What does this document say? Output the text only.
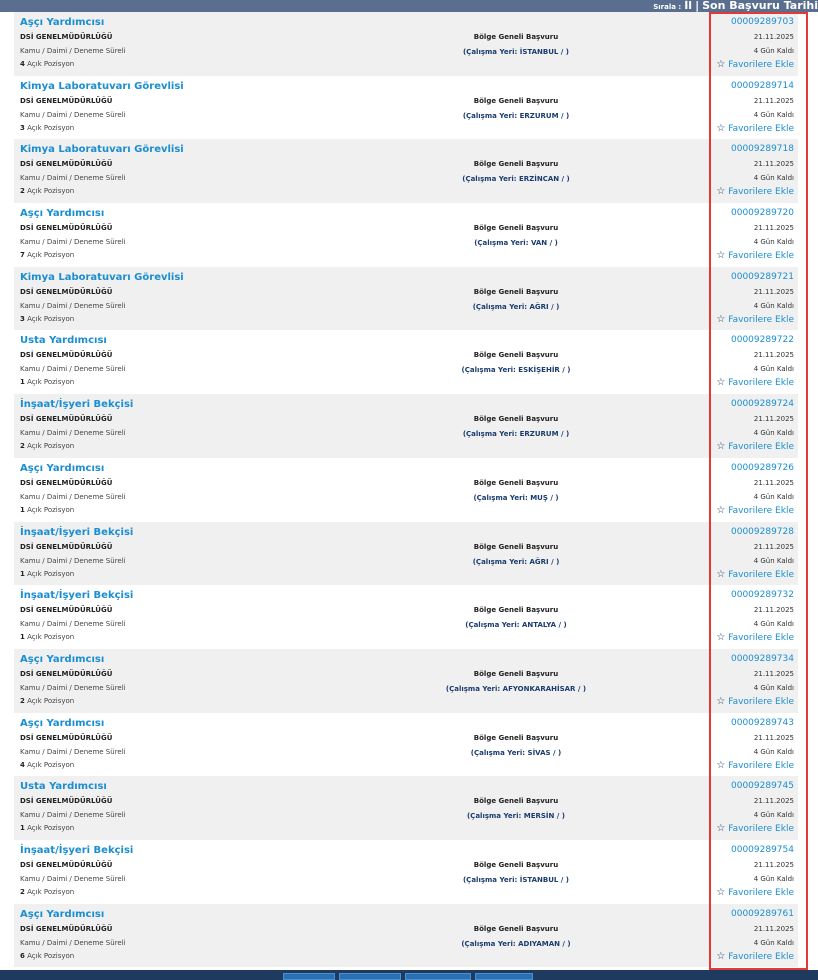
Sırala : İl | Son Başvuru Tarihi
Aşçı Yardımcısı
DSİ GENELMÜDÜRLÜĞÜ
Kamu / Daimi / Deneme Süreli
4 Açık Pozisyon
Bölge Geneli Başvuru
(Çalışma Yeri: İSTANBUL / )
00009289703
21.11.2025
4 Gün Kaldı
☆ Favorilere Ekle
Kimya Laboratuvarı Görevlisi
DSİ GENELMÜDÜRLÜĞÜ
Kamu / Daimi / Deneme Süreli
3 Açık Pozisyon
Bölge Geneli Başvuru
(Çalışma Yeri: ERZURUM / )
00009289714
21.11.2025
4 Gün Kaldı
☆ Favorilere Ekle
Kimya Laboratuvarı Görevlisi
DSİ GENELMÜDÜRLÜĞÜ
Kamu / Daimi / Deneme Süreli
2 Açık Pozisyon
Bölge Geneli Başvuru
(Çalışma Yeri: ERZİNCAN / )
00009289718
21.11.2025
4 Gün Kaldı
☆ Favorilere Ekle
Aşçı Yardımcısı
DSİ GENELMÜDÜRLÜĞÜ
Kamu / Daimi / Deneme Süreli
7 Açık Pozisyon
Bölge Geneli Başvuru
(Çalışma Yeri: VAN / )
00009289720
21.11.2025
4 Gün Kaldı
☆ Favorilere Ekle
Kimya Laboratuvarı Görevlisi
DSİ GENELMÜDÜRLÜĞÜ
Kamu / Daimi / Deneme Süreli
3 Açık Pozisyon
Bölge Geneli Başvuru
(Çalışma Yeri: AĞRI / )
00009289721
21.11.2025
4 Gün Kaldı
☆ Favorilere Ekle
Usta Yardımcısı
DSİ GENELMÜDÜRLÜĞÜ
Kamu / Daimi / Deneme Süreli
1 Açık Pozisyon
Bölge Geneli Başvuru
(Çalışma Yeri: ESKİŞEHİR / )
00009289722
21.11.2025
4 Gün Kaldı
☆ Favorilere Ekle
İnşaat/İşyeri Bekçisi
DSİ GENELMÜDÜRLÜĞÜ
Kamu / Daimi / Deneme Süreli
2 Açık Pozisyon
Bölge Geneli Başvuru
(Çalışma Yeri: ERZURUM / )
00009289724
21.11.2025
4 Gün Kaldı
☆ Favorilere Ekle
Aşçı Yardımcısı
DSİ GENELMÜDÜRLÜĞÜ
Kamu / Daimi / Deneme Süreli
1 Açık Pozisyon
Bölge Geneli Başvuru
(Çalışma Yeri: MUŞ / )
00009289726
21.11.2025
4 Gün Kaldı
☆ Favorilere Ekle
İnşaat/İşyeri Bekçisi
DSİ GENELMÜDÜRLÜĞÜ
Kamu / Daimi / Deneme Süreli
1 Açık Pozisyon
Bölge Geneli Başvuru
(Çalışma Yeri: AĞRI / )
00009289728
21.11.2025
4 Gün Kaldı
☆ Favorilere Ekle
İnşaat/İşyeri Bekçisi
DSİ GENELMÜDÜRLÜĞÜ
Kamu / Daimi / Deneme Süreli
1 Açık Pozisyon
Bölge Geneli Başvuru
(Çalışma Yeri: ANTALYA / )
00009289732
21.11.2025
4 Gün Kaldı
☆ Favorilere Ekle
Aşçı Yardımcısı
DSİ GENELMÜDÜRLÜĞÜ
Kamu / Daimi / Deneme Süreli
2 Açık Pozisyon
Bölge Geneli Başvuru
(Çalışma Yeri: AFYONKARAHİSAR / )
00009289734
21.11.2025
4 Gün Kaldı
☆ Favorilere Ekle
Aşçı Yardımcısı
DSİ GENELMÜDÜRLÜĞÜ
Kamu / Daimi / Deneme Süreli
4 Açık Pozisyon
Bölge Geneli Başvuru
(Çalışma Yeri: SİVAS / )
00009289743
21.11.2025
4 Gün Kaldı
☆ Favorilere Ekle
Usta Yardımcısı
DSİ GENELMÜDÜRLÜĞÜ
Kamu / Daimi / Deneme Süreli
1 Açık Pozisyon
Bölge Geneli Başvuru
(Çalışma Yeri: MERSİN / )
00009289745
21.11.2025
4 Gün Kaldı
☆ Favorilere Ekle
İnşaat/İşyeri Bekçisi
DSİ GENELMÜDÜRLÜĞÜ
Kamu / Daimi / Deneme Süreli
2 Açık Pozisyon
Bölge Geneli Başvuru
(Çalışma Yeri: İSTANBUL / )
00009289754
21.11.2025
4 Gün Kaldı
☆ Favorilere Ekle
Aşçı Yardımcısı
DSİ GENELMÜDÜRLÜĞÜ
Kamu / Daimi / Deneme Süreli
6 Açık Pozisyon
Bölge Geneli Başvuru
(Çalışma Yeri: ADIYAMAN / )
00009289761
21.11.2025
4 Gün Kaldı
☆ Favorilere Ekle
